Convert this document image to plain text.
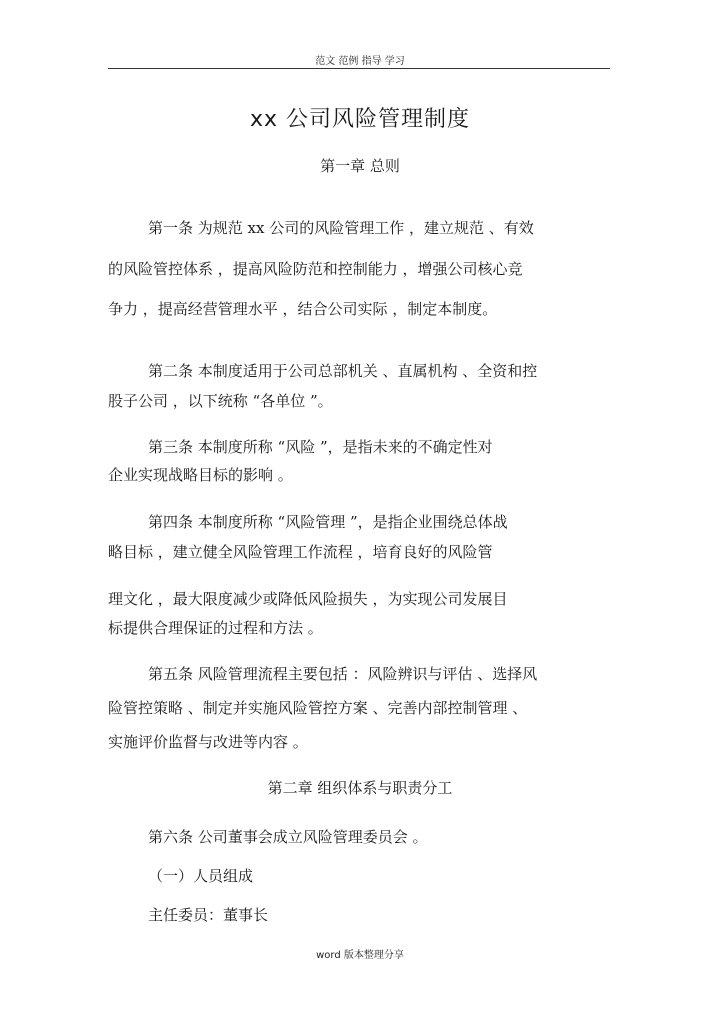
范文 范例 指导 学习
xx 公司风险管理制度
第一章 总则
第一条 为规范 xx 公司的风险管理工作 ，建立规范 、有效
的风险管控体系 ，提高风险防范和控制能力 ，增强公司核心竞
争力 ，提高经营管理水平 ，结合公司实际 ，制定本制度。
第二条 本制度适用于公司总部机关 、直属机构 、全资和控
股子公司 ，以下统称 “各单位 ”。
第三条 本制度所称 “风险 ”，是指未来的不确定性对
企业实现战略目标的影响 。
第四条 本制度所称 “风险管理 ”，是指企业围绕总体战
略目标 ，建立健全风险管理工作流程 ，培育良好的风险管
理文化 ，最大限度减少或降低风险损失 ，为实现公司发展目
标提供合理保证的过程和方法 。
第五条 风险管理流程主要包括 ：风险辨识与评估 、选择风
险管控策略 、制定并实施风险管控方案 、完善内部控制管理 、
实施评价监督与改进等内容 。
第二章 组织体系与职责分工
第六条 公司董事会成立风险管理委员会 。
（一）人员组成
主任委员：董事长
word 版本整理分享
